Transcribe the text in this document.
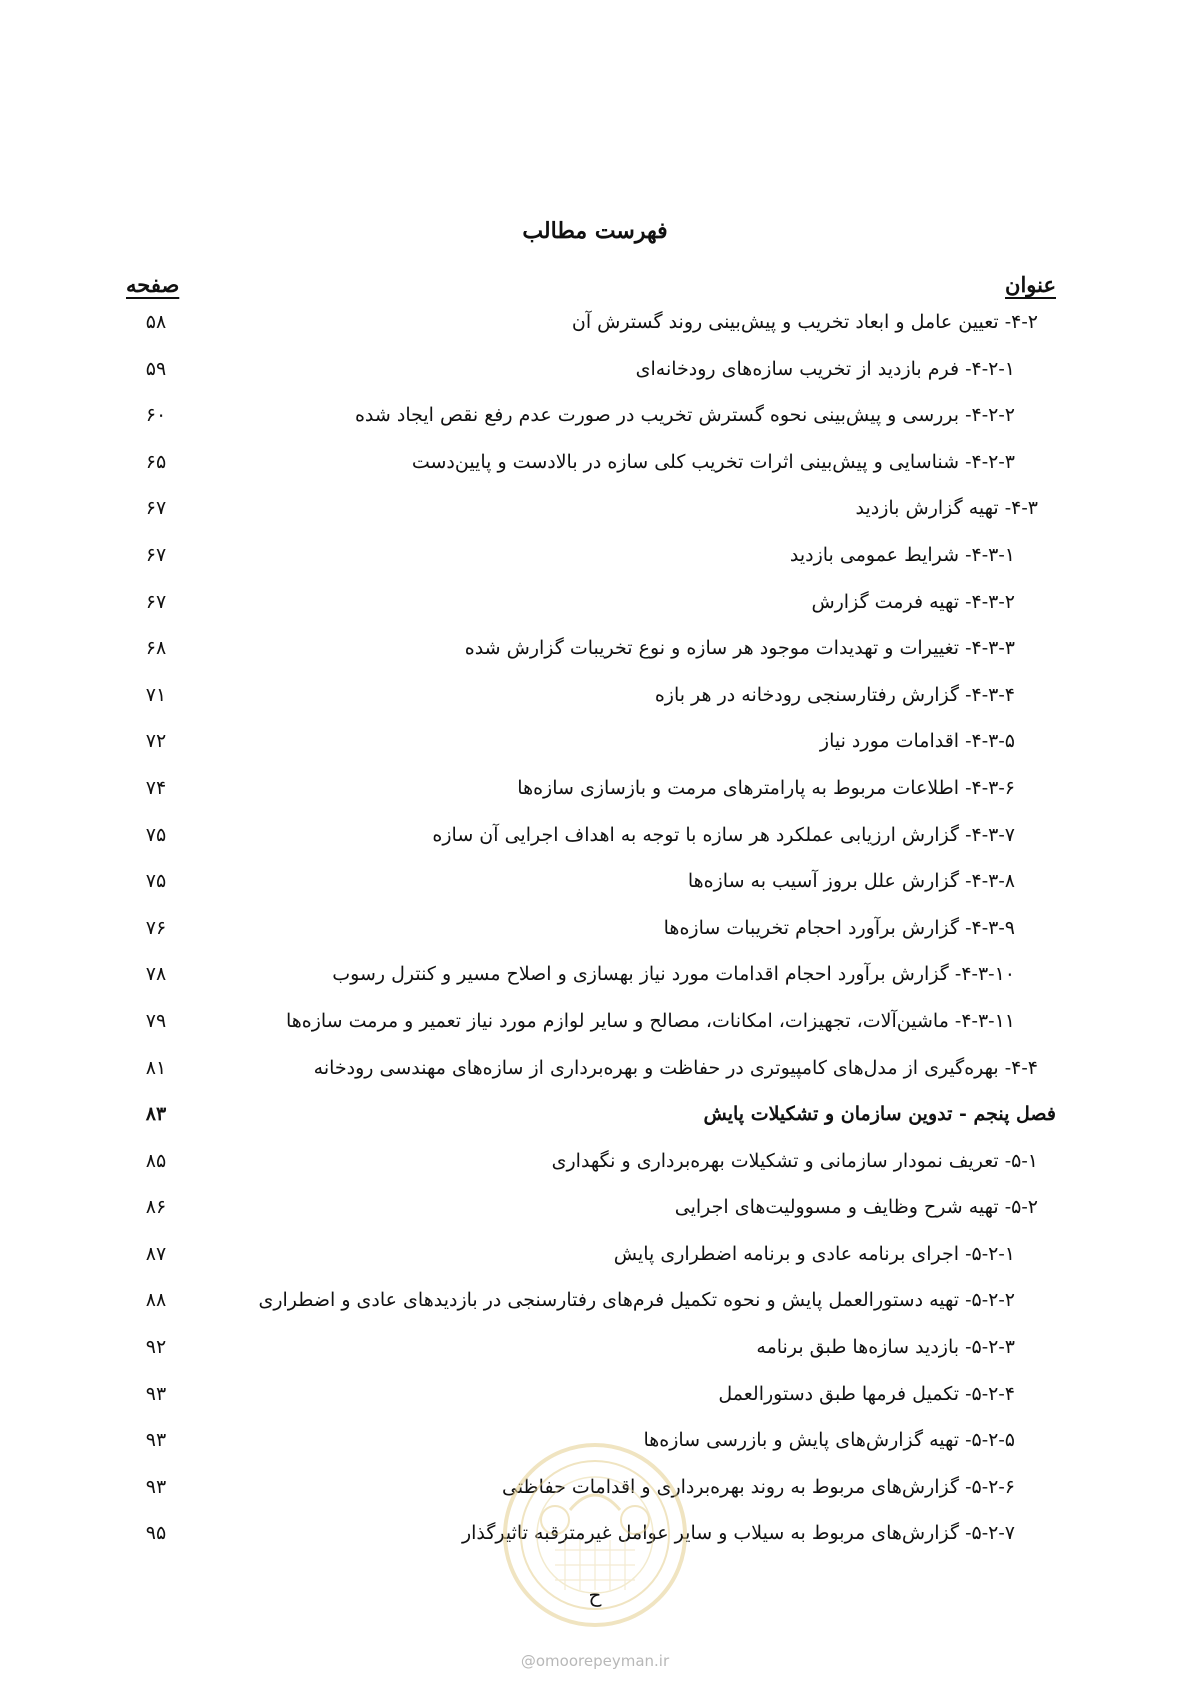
فهرست مطالب
عنوان
صفحه
۴-۲- تعیین عامل و ابعاد تخریب و پیش‌بینی روند گسترش آن
۵۸
۴-۲-۱- فرم بازدید از تخریب سازه‌های رودخانه‌ای
۵۹
۴-۲-۲- بررسی و پیش‌بینی نحوه گسترش تخریب در صورت عدم رفع نقص ایجاد شده
۶۰
۴-۲-۳- شناسایی و پیش‌بینی اثرات تخریب کلی سازه در بالادست و پایین‌دست
۶۵
۴-۳- تهیه گزارش بازدید
۶۷
۴-۳-۱- شرایط عمومی بازدید
۶۷
۴-۳-۲- تهیه فرمت گزارش
۶۷
۴-۳-۳- تغییرات و تهدیدات موجود هر سازه و نوع تخریبات گزارش شده
۶۸
۴-۳-۴- گزارش رفتارسنجی رودخانه در هر بازه
۷۱
۴-۳-۵- اقدامات مورد نیاز
۷۲
۴-۳-۶- اطلاعات مربوط به پارامترهای مرمت و بازسازی سازه‌ها
۷۴
۴-۳-۷- گزارش ارزیابی عملکرد هر سازه با توجه به اهداف اجرایی آن سازه
۷۵
۴-۳-۸- گزارش علل بروز آسیب به سازه‌ها
۷۵
۴-۳-۹- گزارش برآورد احجام تخریبات سازه‌ها
۷۶
۴-۳-۱۰- گزارش برآورد احجام اقدامات مورد نیاز بهسازی و اصلاح مسیر و کنترل رسوب
۷۸
۴-۳-۱۱- ماشین‌آلات، تجهیزات، امکانات، مصالح و سایر لوازم مورد نیاز تعمیر و مرمت سازه‌ها
۷۹
۴-۴- بهره‌گیری از مدل‌های کامپیوتری در حفاظت و بهره‌برداری از سازه‌های مهندسی رودخانه
۸۱
فصل پنجم - تدوین سازمان و تشکیلات پایش
۸۳
۵-۱- تعریف نمودار سازمانی و تشکیلات بهره‌برداری و نگهداری
۸۵
۵-۲- تهیه شرح وظایف و مسوولیت‌های اجرایی
۸۶
۵-۲-۱- اجرای برنامه عادی و برنامه اضطراری پایش
۸۷
۵-۲-۲- تهیه دستورالعمل پایش و نحوه تکمیل فرم‌های رفتارسنجی در بازدیدهای عادی و اضطراری
۸۸
۵-۲-۳- بازدید سازه‌ها طبق برنامه
۹۲
۵-۲-۴- تکمیل فرمها طبق دستورالعمل
۹۳
۵-۲-۵- تهیه گزارش‌های پایش و بازرسی سازه‌ها
۹۳
۵-۲-۶- گزارش‌های مربوط به روند بهره‌برداری و اقدامات حفاظتی
۹۳
۵-۲-۷- گزارش‌های مربوط به سیلاب و سایر عوامل غیرمترقبه تاثیرگذار
۹۵
ح
@omoorepeyman.ir
